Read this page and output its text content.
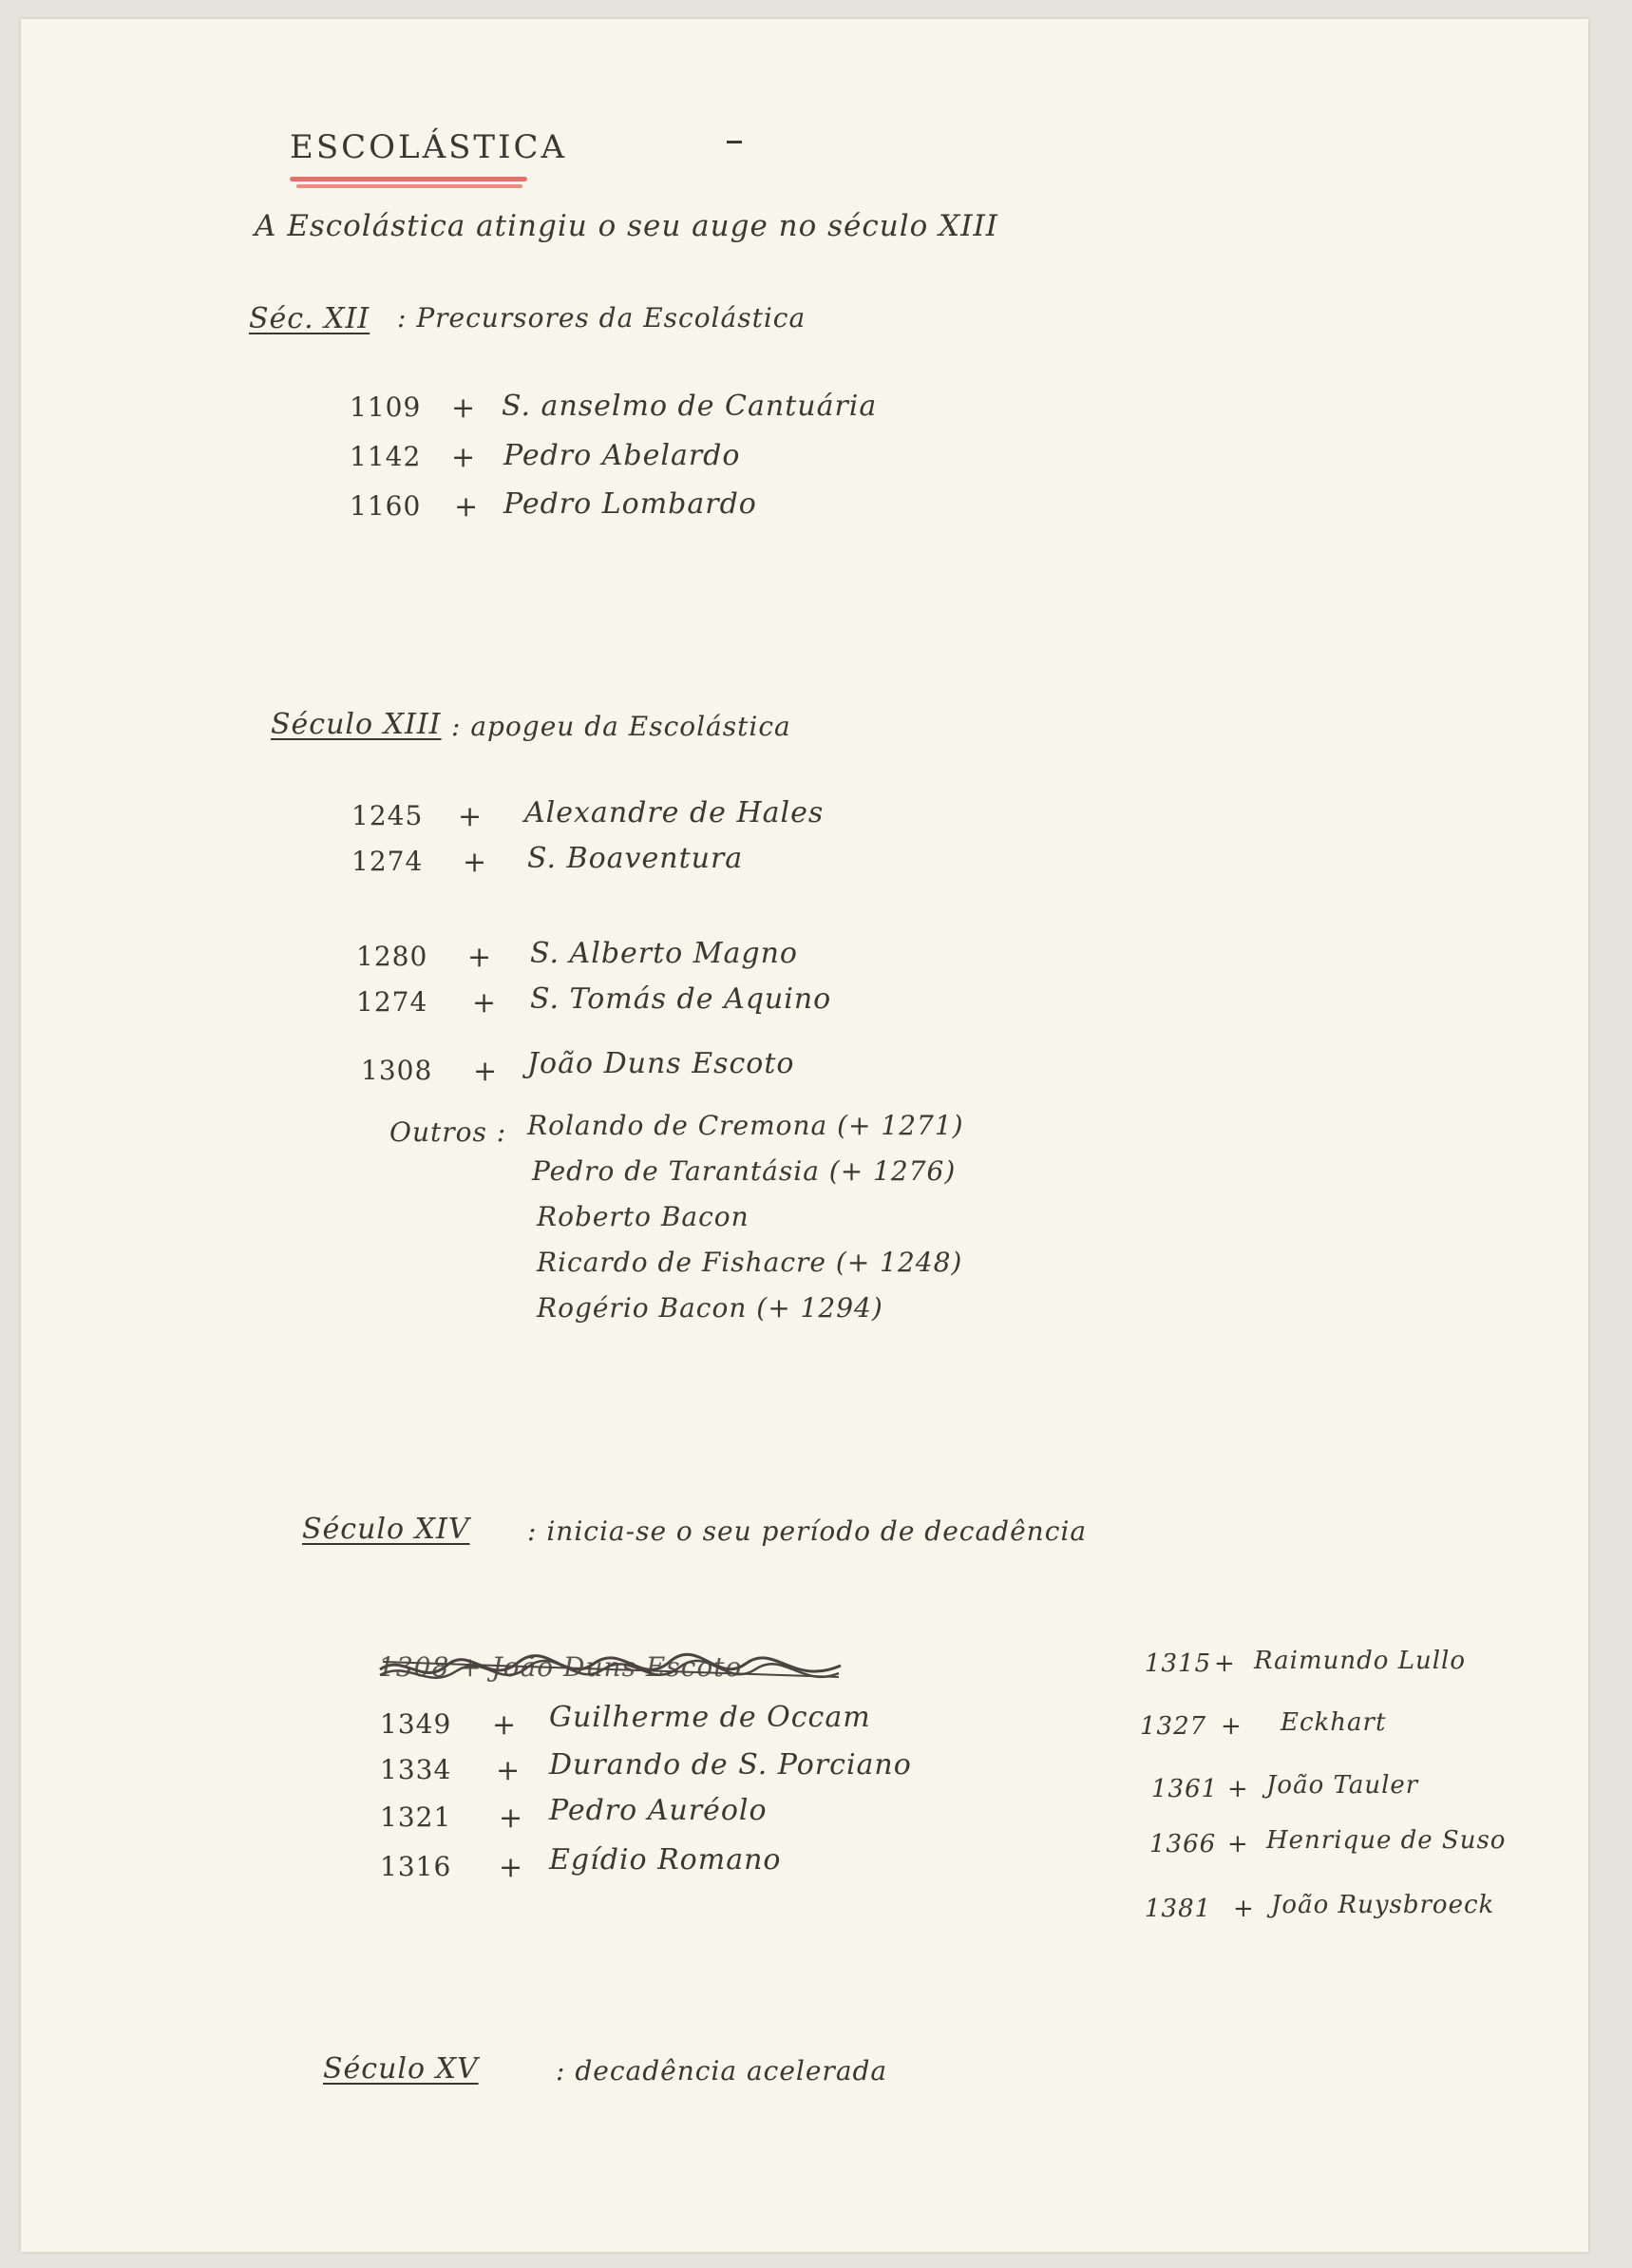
ESCOLÁSTICA
A Escolástica atingiu o seu auge no século XIII
Séc. XII : Precursores da Escolástica
1109 + S. anselmo de Cantuária
1142 + Pedro Abelardo
1160 + Pedro Lombardo
Século XIII : apogeu da Escolástica
1245 + Alexandre de Hales
1274 + S. Boaventura
1280 + S. Alberto Magno
1274 + S. Tomás de Aquino
1308 + João Duns Escoto
Outros : Rolando de Cremona (+ 1271)
Pedro de Tarantásia (+ 1276)
Roberto Bacon
Ricardo de Fishacre (+ 1248)
Rogério Bacon (+ 1294)
Século XIV : inicia-se o seu período de decadência
1308 + João Duns Escoto
1349 + Guilherme de Occam
1334 + Durando de S. Porciano
1321 + Pedro Auréolo
1316 + Egídio Romano
1315 + Raimundo Lullo
1327 + Eckhart
1361 + João Tauler
1366 + Henrique de Suso
1381 + João Ruysbroeck
Século XV	: decadência acelerada
